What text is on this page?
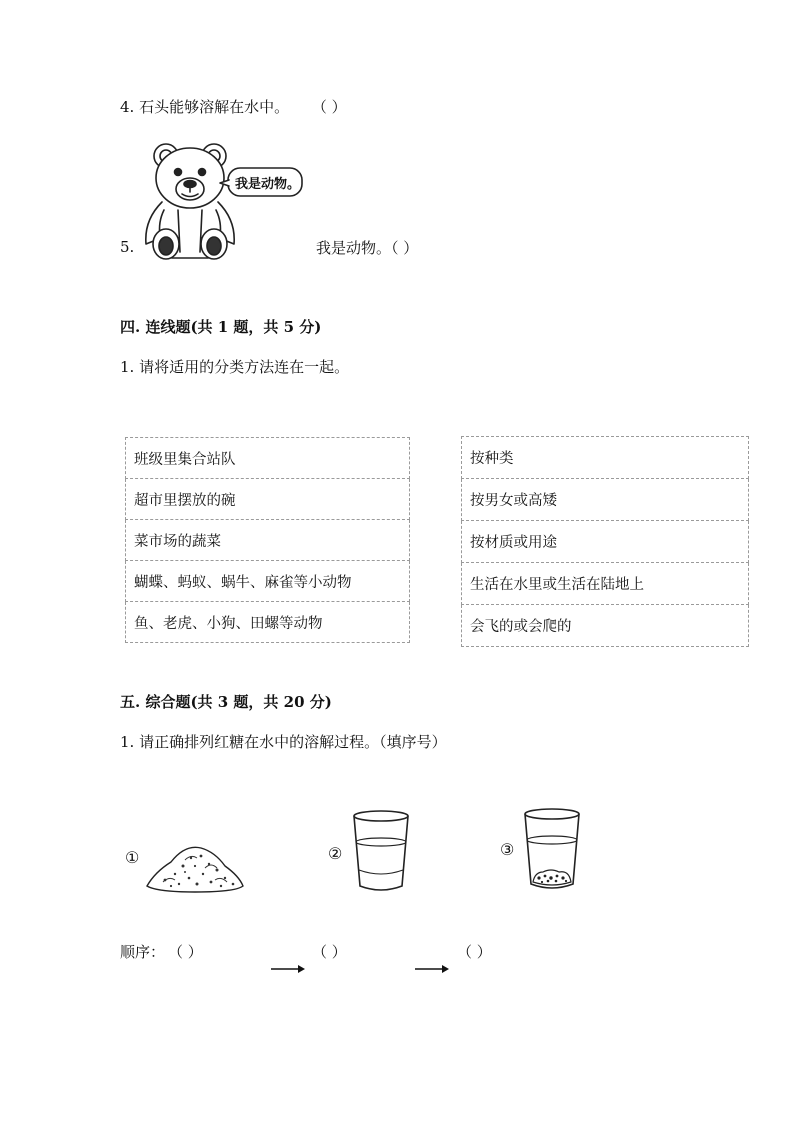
4. 石头能够溶解在水中。 （ ）
我是动物。
5.	我是动物。（ ）
四. 连线题(共 1 题，共 5 分)
1. 请将适用的分类方法连在一起。
班级里集合站队
超市里摆放的碗
菜市场的蔬菜
蝴蝶、蚂蚁、蜗牛、麻雀等小动物
鱼、老虎、小狗、田螺等动物
按种类
按男女或高矮
按材质或用途
生活在水里或生活在陆地上
会飞的或会爬的
五. 综合题(共 3 题，共 20 分)
1. 请正确排列红糖在水中的溶解过程。（填序号）
①	②	③
顺序： （ ）	（ ）	（ ）
